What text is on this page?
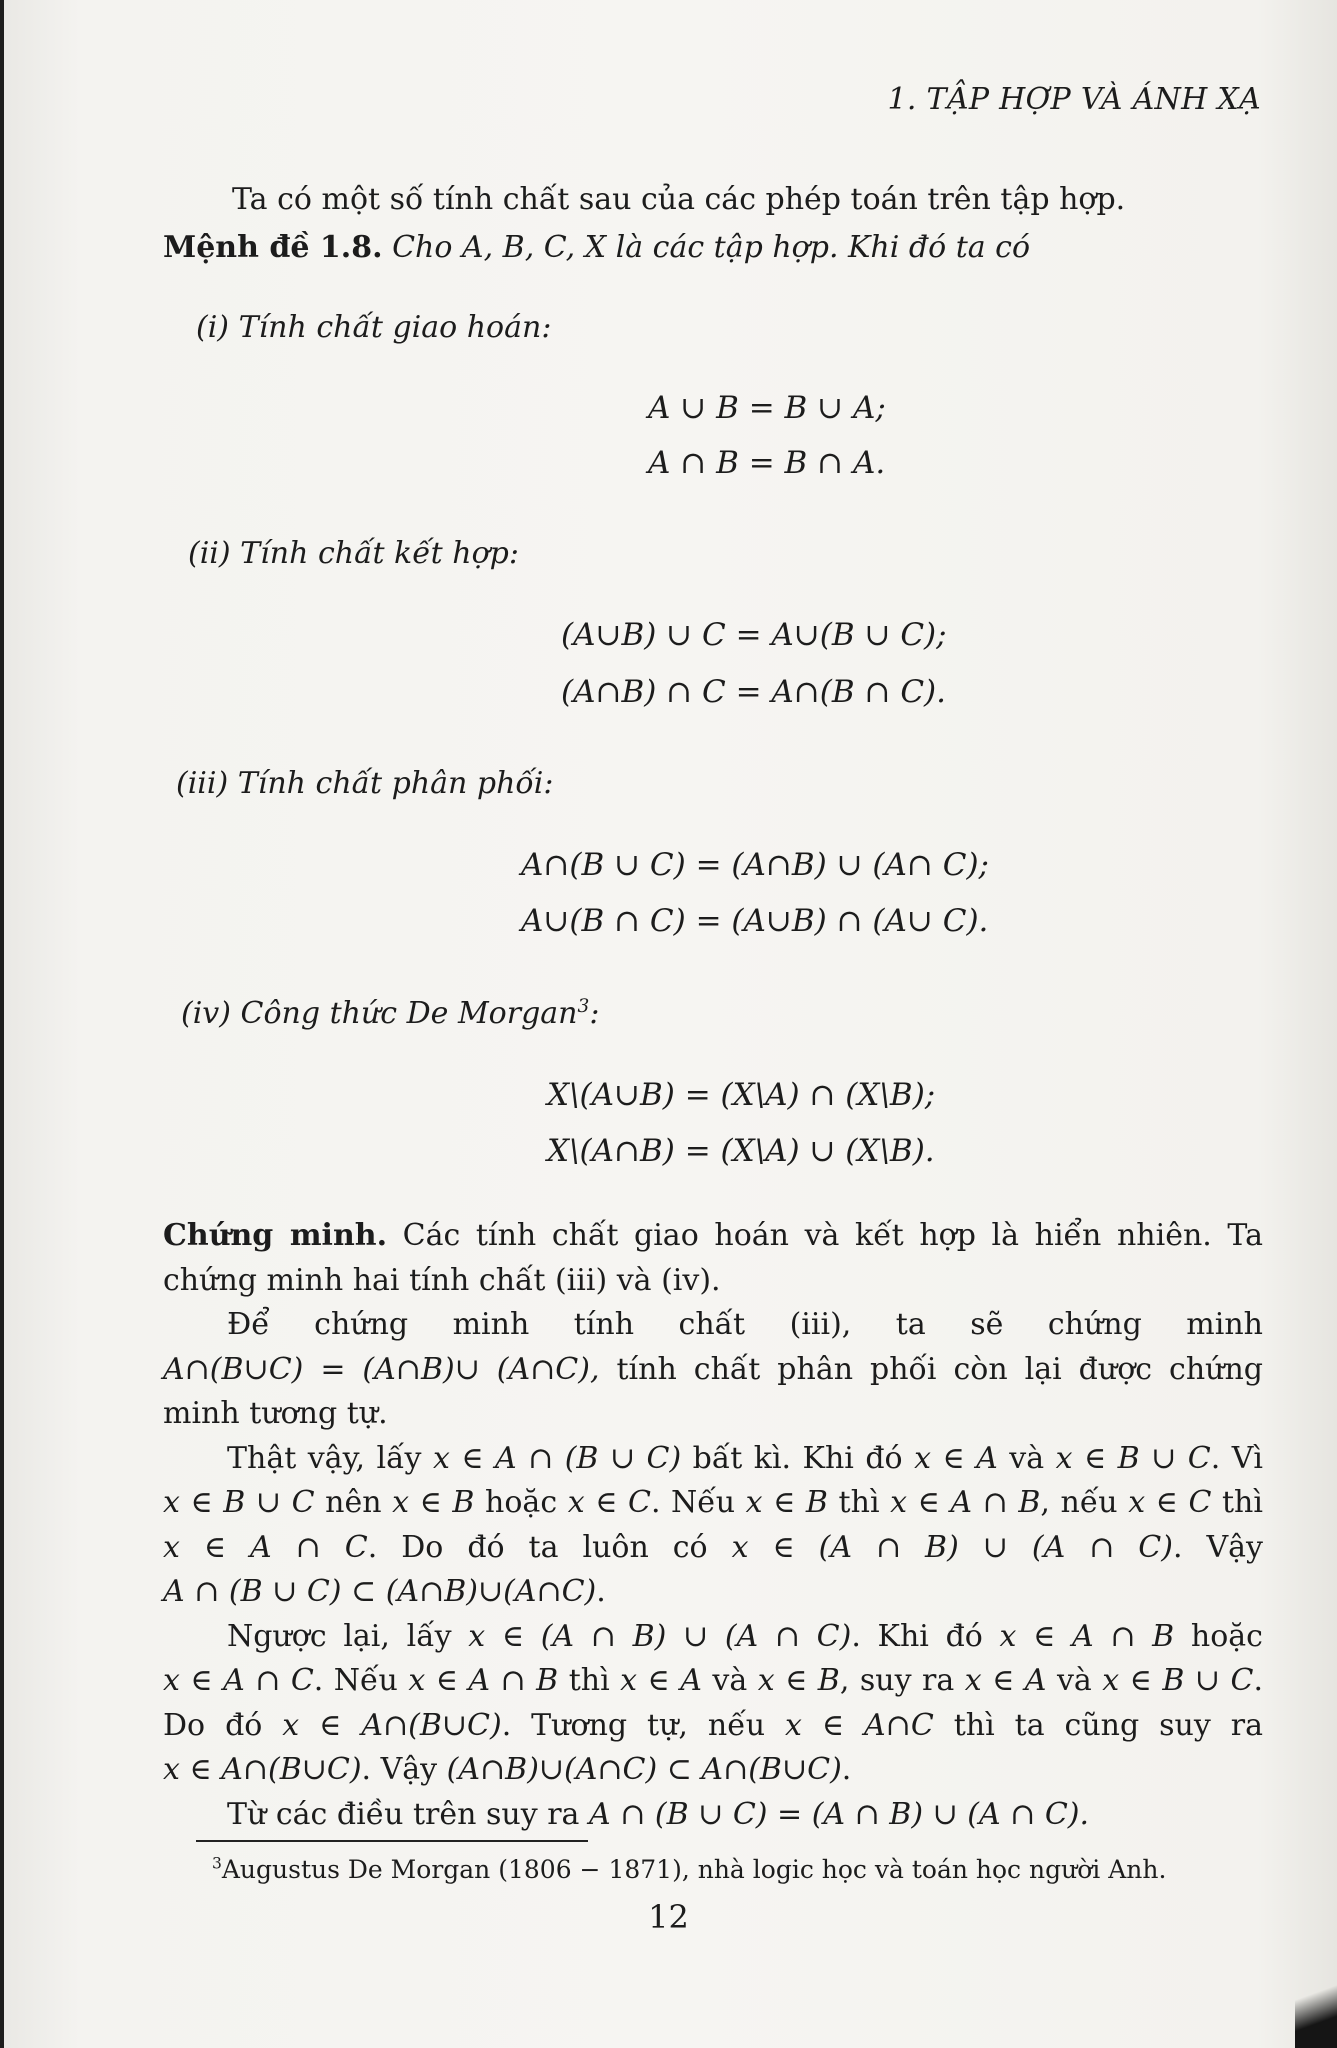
1. TẬP HỢP VÀ ÁNH XẠ
Ta có một số tính chất sau của các phép toán trên tập hợp.
Mệnh đề 1.8. Cho A, B, C, X là các tập hợp. Khi đó ta có
(i) Tính chất giao hoán:
A ∪ B = B ∪ A;
A ∩ B = B ∩ A.
(ii) Tính chất kết hợp:
(A∪B) ∪ C = A∪(B ∪ C);
(A∩B) ∩ C = A∩(B ∩ C).
(iii) Tính chất phân phối:
A∩(B ∪ C) = (A∩B) ∪ (A∩ C);
A∪(B ∩ C) = (A∪B) ∩ (A∪ C).
(iv) Công thức De Morgan$^3$:
X\(A∪B) = (X\A) ∩ (X\B);
X\(A∩B) = (X\A) ∪ (X\B).

Chứng minh. Các tính chất giao hoán và kết hợp là hiển nhiên. Ta chứng minh hai tính chất (iii) và (iv).

Để chứng minh tính chất (iii), ta sẽ chứng minh A∩(B∪C) = (A∩B)∪ (A∩C), tính chất phân phối còn lại được chứng minh tương tự.

Thật vậy, lấy x ∈ A ∩ (B ∪ C) bất kì. Khi đó x ∈ A và x ∈ B ∪ C. Vì x ∈ B ∪ C nên x ∈ B hoặc x ∈ C. Nếu x ∈ B thì x ∈ A ∩ B, nếu x ∈ C thì x ∈ A ∩ C. Do đó ta luôn có x ∈ (A ∩ B) ∪ (A ∩ C). Vậy A ∩ (B ∪ C) ⊂ (A∩B)∪(A∩C).

Ngược lại, lấy x ∈ (A ∩ B) ∪ (A ∩ C). Khi đó x ∈ A ∩ B hoặc x ∈ A ∩ C. Nếu x ∈ A ∩ B thì x ∈ A và x ∈ B, suy ra x ∈ A và x ∈ B ∪ C. Do đó x ∈ A∩(B∪C). Tương tự, nếu x ∈ A∩C thì ta cũng suy ra x ∈ A∩(B∪C). Vậy (A∩B)∪(A∩C) ⊂ A∩(B∪C).

Từ các điều trên suy ra A ∩ (B ∪ C) = (A ∩ B) ∪ (A ∩ C).

$^3$Augustus De Morgan (1806 − 1871), nhà logic học và toán học người Anh.
12
